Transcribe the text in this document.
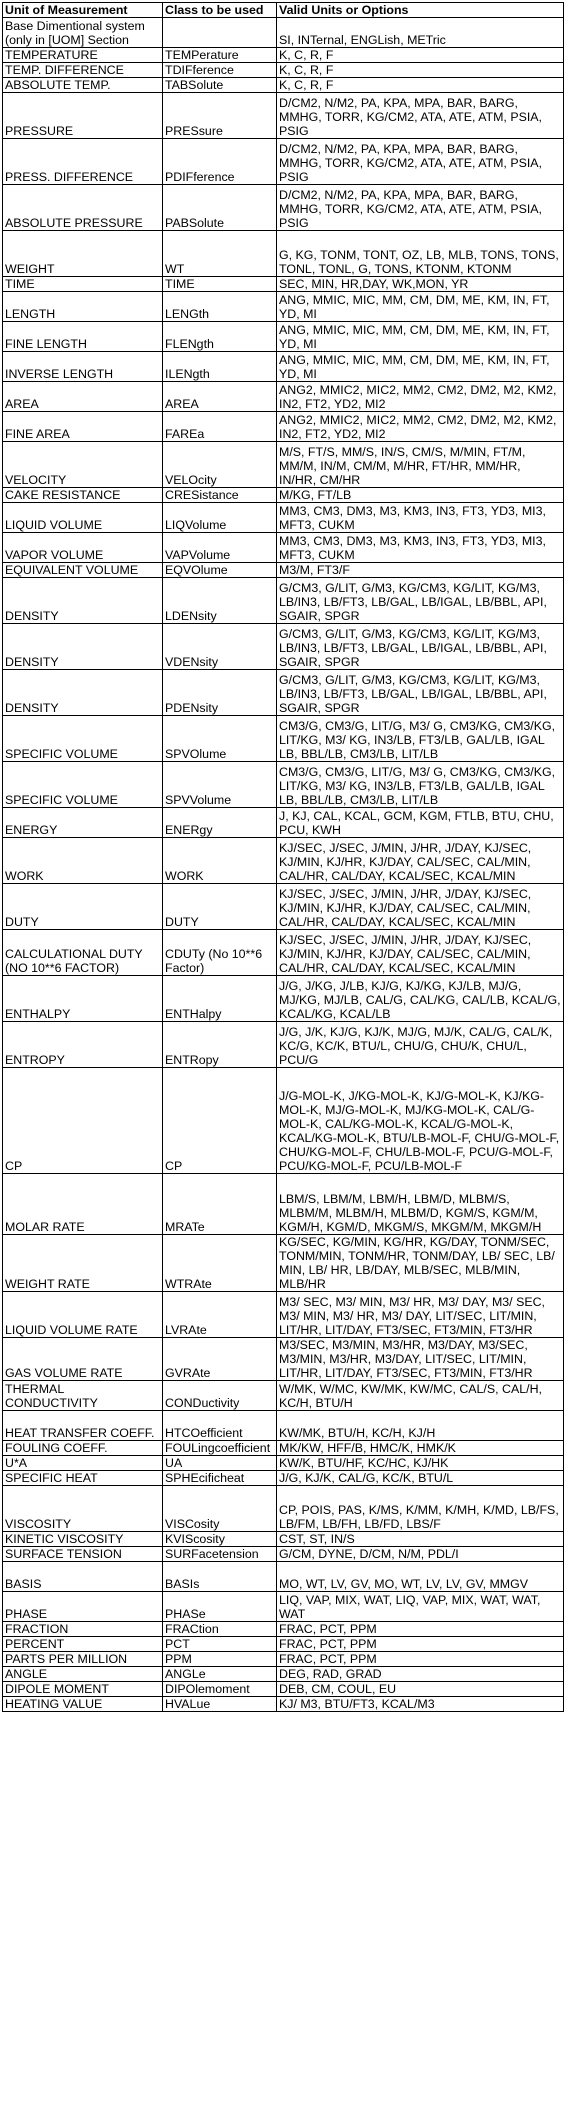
Unit of Measurement	Class to be used	Valid Units or Options
Base Dimentional system (only in [UOM] Section		SI, INTernal, ENGLish, METric
TEMPERATURE	TEMPerature	K, C, R, F
TEMP. DIFFERENCE	TDIFference	K, C, R, F
ABSOLUTE TEMP.	TABSolute	K, C, R, F
PRESSURE	PRESsure	D/CM2, N/M2, PA, KPA, MPA, BAR, BARG, MMHG, TORR, KG/CM2, ATA, ATE, ATM, PSIA, PSIG
PRESS. DIFFERENCE	PDIFference	D/CM2, N/M2, PA, KPA, MPA, BAR, BARG, MMHG, TORR, KG/CM2, ATA, ATE, ATM, PSIA, PSIG
ABSOLUTE PRESSURE	PABSolute	D/CM2, N/M2, PA, KPA, MPA, BAR, BARG, MMHG, TORR, KG/CM2, ATA, ATE, ATM, PSIA, PSIG
WEIGHT	WT	G, KG, TONM, TONT, OZ, LB, MLB, TONS, TONS, TONL, TONL, G, TONS, KTONM, KTONM
TIME	TIME	SEC, MIN, HR,DAY, WK,MON, YR
LENGTH	LENGth	ANG, MMIC, MIC, MM, CM, DM, ME, KM, IN, FT, YD, MI
FINE LENGTH	FLENgth	ANG, MMIC, MIC, MM, CM, DM, ME, KM, IN, FT, YD, MI
INVERSE LENGTH	ILENgth	ANG, MMIC, MIC, MM, CM, DM, ME, KM, IN, FT, YD, MI
AREA	AREA	ANG2, MMIC2, MIC2, MM2, CM2, DM2, M2, KM2, IN2, FT2, YD2, MI2
FINE AREA	FAREa	ANG2, MMIC2, MIC2, MM2, CM2, DM2, M2, KM2, IN2, FT2, YD2, MI2
VELOCITY	VELOcity	M/S, FT/S, MM/S, IN/S, CM/S, M/MIN, FT/M, MM/M, IN/M, CM/M, M/HR, FT/HR, MM/HR, IN/HR, CM/HR
CAKE RESISTANCE	CRESistance	M/KG, FT/LB
LIQUID VOLUME	LIQVolume	MM3, CM3, DM3, M3, KM3, IN3, FT3, YD3, MI3, MFT3, CUKM
VAPOR VOLUME	VAPVolume	MM3, CM3, DM3, M3, KM3, IN3, FT3, YD3, MI3, MFT3, CUKM
EQUIVALENT VOLUME	EQVOlume	M3/M, FT3/F
DENSITY	LDENsity	G/CM3, G/LIT, G/M3, KG/CM3, KG/LIT, KG/M3, LB/IN3, LB/FT3, LB/GAL, LB/IGAL, LB/BBL, API, SGAIR, SPGR
DENSITY	VDENsity	G/CM3, G/LIT, G/M3, KG/CM3, KG/LIT, KG/M3, LB/IN3, LB/FT3, LB/GAL, LB/IGAL, LB/BBL, API, SGAIR, SPGR
DENSITY	PDENsity	G/CM3, G/LIT, G/M3, KG/CM3, KG/LIT, KG/M3, LB/IN3, LB/FT3, LB/GAL, LB/IGAL, LB/BBL, API, SGAIR, SPGR
SPECIFIC VOLUME	SPVOlume	CM3/G, CM3/G, LIT/G, M3/ G, CM3/KG, CM3/KG, LIT/KG, M3/ KG, IN3/LB, FT3/LB, GAL/LB, IGAL LB, BBL/LB, CM3/LB, LIT/LB
SPECIFIC VOLUME	SPVVolume	CM3/G, CM3/G, LIT/G, M3/ G, CM3/KG, CM3/KG, LIT/KG, M3/ KG, IN3/LB, FT3/LB, GAL/LB, IGAL LB, BBL/LB, CM3/LB, LIT/LB
ENERGY	ENERgy	J, KJ, CAL, KCAL, GCM, KGM, FTLB, BTU, CHU, PCU, KWH
WORK	WORK	KJ/SEC, J/SEC, J/MIN, J/HR, J/DAY, KJ/SEC, KJ/MIN, KJ/HR, KJ/DAY, CAL/SEC, CAL/MIN, CAL/HR, CAL/DAY, KCAL/SEC, KCAL/MIN
DUTY	DUTY	KJ/SEC, J/SEC, J/MIN, J/HR, J/DAY, KJ/SEC, KJ/MIN, KJ/HR, KJ/DAY, CAL/SEC, CAL/MIN, CAL/HR, CAL/DAY, KCAL/SEC, KCAL/MIN
CALCULATIONAL DUTY (NO 10**6 FACTOR)	CDUTy (No 10**6 Factor)	KJ/SEC, J/SEC, J/MIN, J/HR, J/DAY, KJ/SEC, KJ/MIN, KJ/HR, KJ/DAY, CAL/SEC, CAL/MIN, CAL/HR, CAL/DAY, KCAL/SEC, KCAL/MIN
ENTHALPY	ENTHalpy	J/G, J/KG, J/LB, KJ/G, KJ/KG, KJ/LB, MJ/G, MJ/KG, MJ/LB, CAL/G, CAL/KG, CAL/LB, KCAL/G, KCAL/KG, KCAL/LB
ENTROPY	ENTRopy	J/G, J/K, KJ/G, KJ/K, MJ/G, MJ/K, CAL/G, CAL/K, KC/G, KC/K, BTU/L, CHU/G, CHU/K, CHU/L, PCU/G
CP	CP	J/G-MOL-K, J/KG-MOL-K, KJ/G-MOL-K, KJ/KG-MOL-K, MJ/G-MOL-K, MJ/KG-MOL-K, CAL/G-MOL-K, CAL/KG-MOL-K, KCAL/G-MOL-K, KCAL/KG-MOL-K, BTU/LB-MOL-F, CHU/G-MOL-F, CHU/KG-MOL-F, CHU/LB-MOL-F, PCU/G-MOL-F, PCU/KG-MOL-F, PCU/LB-MOL-F
MOLAR RATE	MRATe	LBM/S, LBM/M, LBM/H, LBM/D, MLBM/S, MLBM/M, MLBM/H, MLBM/D, KGM/S, KGM/M, KGM/H, KGM/D, MKGM/S, MKGM/M, MKGM/H
WEIGHT RATE	WTRAte	KG/SEC, KG/MIN, KG/HR, KG/DAY, TONM/SEC, TONM/MIN, TONM/HR, TONM/DAY, LB/ SEC, LB/ MIN, LB/ HR, LB/DAY, MLB/SEC, MLB/MIN, MLB/HR
LIQUID VOLUME RATE	LVRAte	M3/ SEC, M3/ MIN, M3/ HR, M3/ DAY, M3/ SEC, M3/ MIN, M3/ HR, M3/ DAY, LIT/SEC, LIT/MIN, LIT/HR, LIT/DAY, FT3/SEC, FT3/MIN, FT3/HR
GAS VOLUME RATE	GVRAte	M3/SEC, M3/MIN, M3/HR, M3/DAY, M3/SEC, M3/MIN, M3/HR, M3/DAY, LIT/SEC, LIT/MIN, LIT/HR, LIT/DAY, FT3/SEC, FT3/MIN, FT3/HR
THERMAL CONDUCTIVITY	CONDuctivity	W/MK, W/MC, KW/MK, KW/MC, CAL/S, CAL/H, KC/H, BTU/H
HEAT TRANSFER COEFF.	HTCOefficient	KW/MK, BTU/H, KC/H, KJ/H
FOULING COEFF.	FOULingcoefficient	MK/KW, HFF/B, HMC/K, HMK/K
U*A	UA	KW/K, BTU/HF, KC/HC, KJ/HK
SPECIFIC HEAT	SPHEcificheat	J/G, KJ/K, CAL/G, KC/K, BTU/L
VISCOSITY	VISCosity	CP, POIS, PAS, K/MS, K/MM, K/MH, K/MD, LB/FS, LB/FM, LB/FH, LB/FD, LBS/F
KINETIC VISCOSITY	KVIScosity	CST, ST, IN/S
SURFACE TENSION	SURFacetension	G/CM, DYNE, D/CM, N/M, PDL/I
BASIS	BASIs	MO, WT, LV, GV, MO, WT, LV, LV, GV, MMGV
PHASE	PHASe	LIQ, VAP, MIX, WAT, LIQ, VAP, MIX, WAT, WAT, WAT
FRACTION	FRACtion	FRAC, PCT, PPM
PERCENT	PCT	FRAC, PCT, PPM
PARTS PER MILLION	PPM	FRAC, PCT, PPM
ANGLE	ANGLe	DEG, RAD, GRAD
DIPOLE MOMENT	DIPOlemoment	DEB, CM, COUL, EU
HEATING VALUE	HVALue	KJ/ M3, BTU/FT3, KCAL/M3
